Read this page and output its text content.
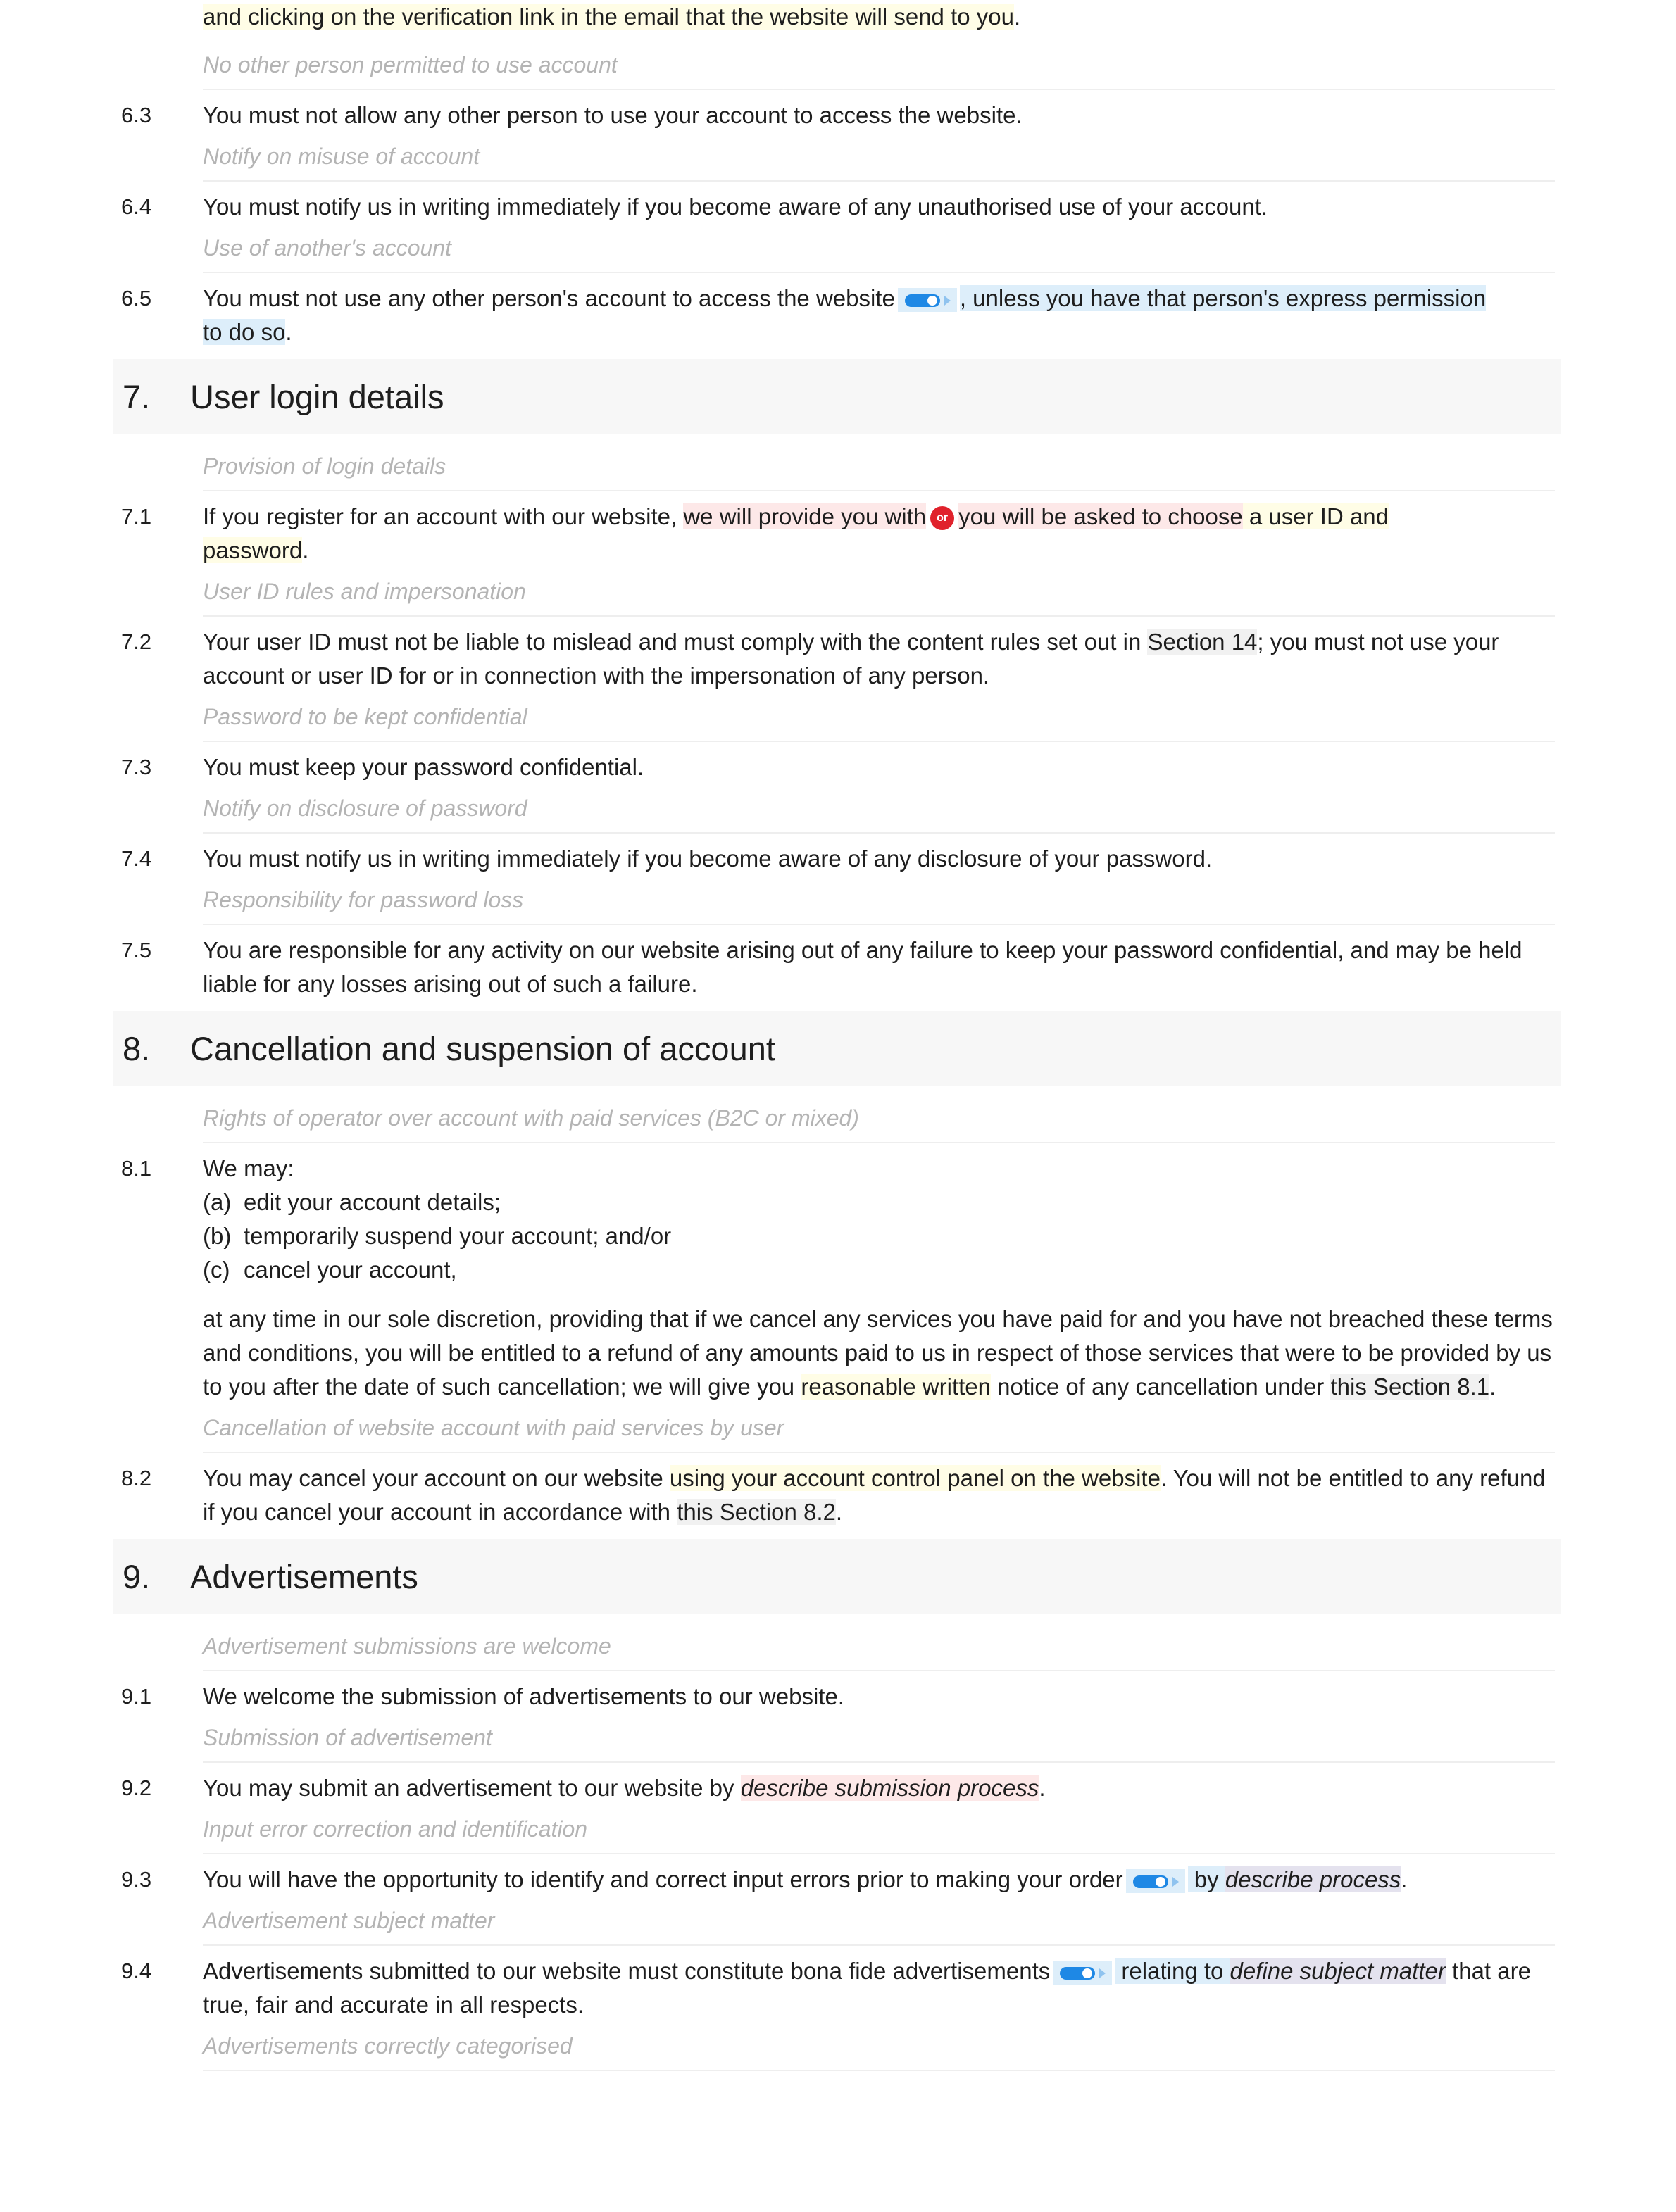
and clicking on the verification link in the email that the website will send to you.
No other person permitted to use account
6.3	You must not allow any other person to use your account to access the website.
Notify on misuse of account
6.4	You must notify us in writing immediately if you become aware of any unauthorised use of your account.
Use of another's account
6.5	You must not use any other person's account to access the website	, unless you have that person's express permission
to do so.
7.	User login details
Provision of login details
7.1	If you register for an account with our website, we will provide you with or you will be asked to choose a user ID and
password.
User ID rules and impersonation
7.2	Your user ID must not be liable to mislead and must comply with the content rules set out in Section 14; you must not use your account or user ID for or in connection with the impersonation of any person.
Password to be kept confidential
7.3	You must keep your password confidential.
Notify on disclosure of password
7.4	You must notify us in writing immediately if you become aware of any disclosure of your password.
Responsibility for password loss
7.5	You are responsible for any activity on our website arising out of any failure to keep your password confidential, and may be held liable for any losses arising out of such a failure.
8.	Cancellation and suspension of account
Rights of operator over account with paid services (B2C or mixed)
8.1	We may:
(a) edit your account details;
(b) temporarily suspend your account; and/or
(c) cancel your account,
at any time in our sole discretion, providing that if we cancel any services you have paid for and you have not breached these terms and conditions, you will be entitled to a refund of any amounts paid to us in respect of those services that were to be provided by us to you after the date of such cancellation; we will give you reasonable written notice of any cancellation under this Section 8.1.
Cancellation of website account with paid services by user
8.2	You may cancel your account on our website using your account control panel on the website. You will not be entitled to any refund if you cancel your account in accordance with this Section 8.2.
9.	Advertisements
Advertisement submissions are welcome
9.1	We welcome the submission of advertisements to our website.
Submission of advertisement
9.2	You may submit an advertisement to our website by describe submission process.
Input error correction and identification
9.3	You will have the opportunity to identify and correct input errors prior to making your order	by describe process.
Advertisement subject matter
9.4	Advertisements submitted to our website must constitute bona fide advertisements	relating to define subject matter that are true, fair and accurate in all respects.
Advertisements correctly categorised
